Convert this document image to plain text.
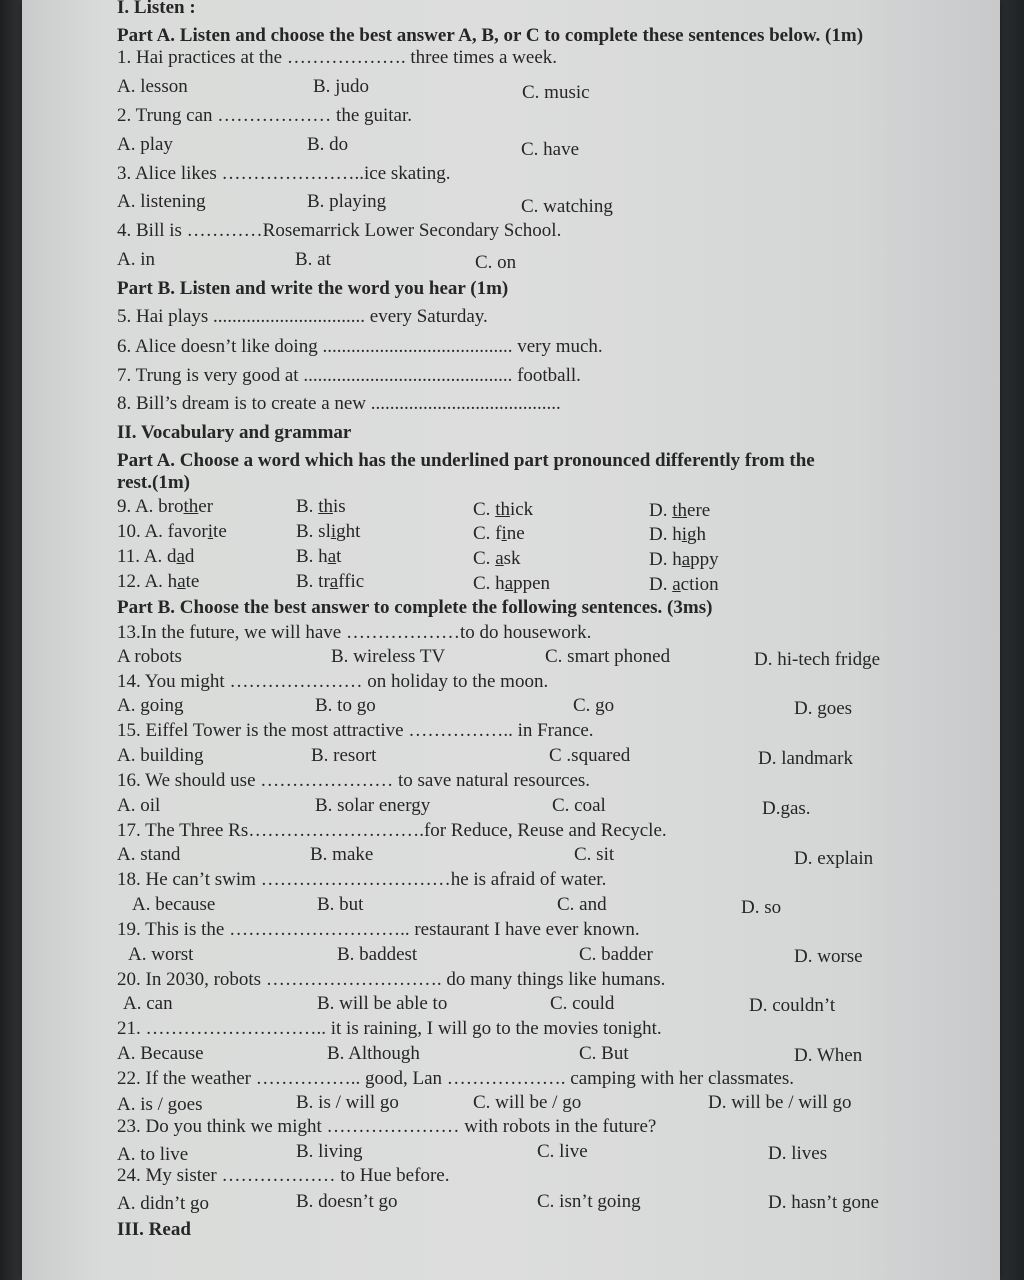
I. Listen :
Part A. Listen and choose the best answer A, B, or C to complete these sentences below. (1m)
1. Hai practices at the ………………. three times a week.
A. lesson	B. judo	C. music
2. Trung can ……………… the guitar.
A. play	B. do	C. have
3. Alice likes …………………..ice skating.
A. listening	B. playing	C. watching
4. Bill is …………Rosemarrick Lower Secondary School.
A. in	B. at	C. on
Part B. Listen and write the word you hear (1m)
5. Hai plays ................................ every Saturday.
6. Alice doesn’t like doing ........................................ very much.
7. Trung is very good at ............................................ football.
8. Bill’s dream is to create a new ........................................
II. Vocabulary and grammar
Part A. Choose a word which has the underlined part pronounced differently from the
rest.(1m)
9. A. brother	B. this	C. thick	D. there
10. A. favorite	B. slight	C. fine	D. high
11. A. dad	B. hat	C. ask	D. happy
12. A. hate	B. traffic	C. happen	D. action
Part B. Choose the best answer to complete the following sentences. (3ms)
13.In the future, we will have ………………to do housework.
A robots	B. wireless TV	C. smart phoned	D. hi-tech fridge
14. You might ………………… on holiday to the moon.
A. going	B. to go	C. go	D. goes
15. Eiffel Tower is the most attractive …………….. in France.
A. building	B. resort	C .squared	D. landmark
16. We should use ………………… to save natural resources.
A. oil	B. solar energy	C. coal	D.gas.
17. The Three Rs……………………….for Reduce, Reuse and Recycle.
A. stand	B. make	C. sit	D. explain
18. He can’t swim …………………………he is afraid of water.
A. because	B. but	C. and	D. so
19. This is the ……………………….. restaurant I have ever known.
A. worst	B. baddest	C. badder	D. worse
20. In 2030, robots ………………………. do many things like humans.
A. can	B. will be able to	C. could	D. couldn’t
21. ……………………….. it is raining, I will go to the movies tonight.
A. Because	B. Although	C. But	D. When
22. If the weather …………….. good, Lan ………………. camping with her classmates.
A. is / goes	B. is / will go	C. will be / go	D. will be / will go
23. Do you think we might ………………… with robots in the future?
A. to live	B. living	C. live	D. lives
24. My sister ……………… to Hue before.
A. didn’t go	B. doesn’t go	C. isn’t going	D. hasn’t gone
III. Read
